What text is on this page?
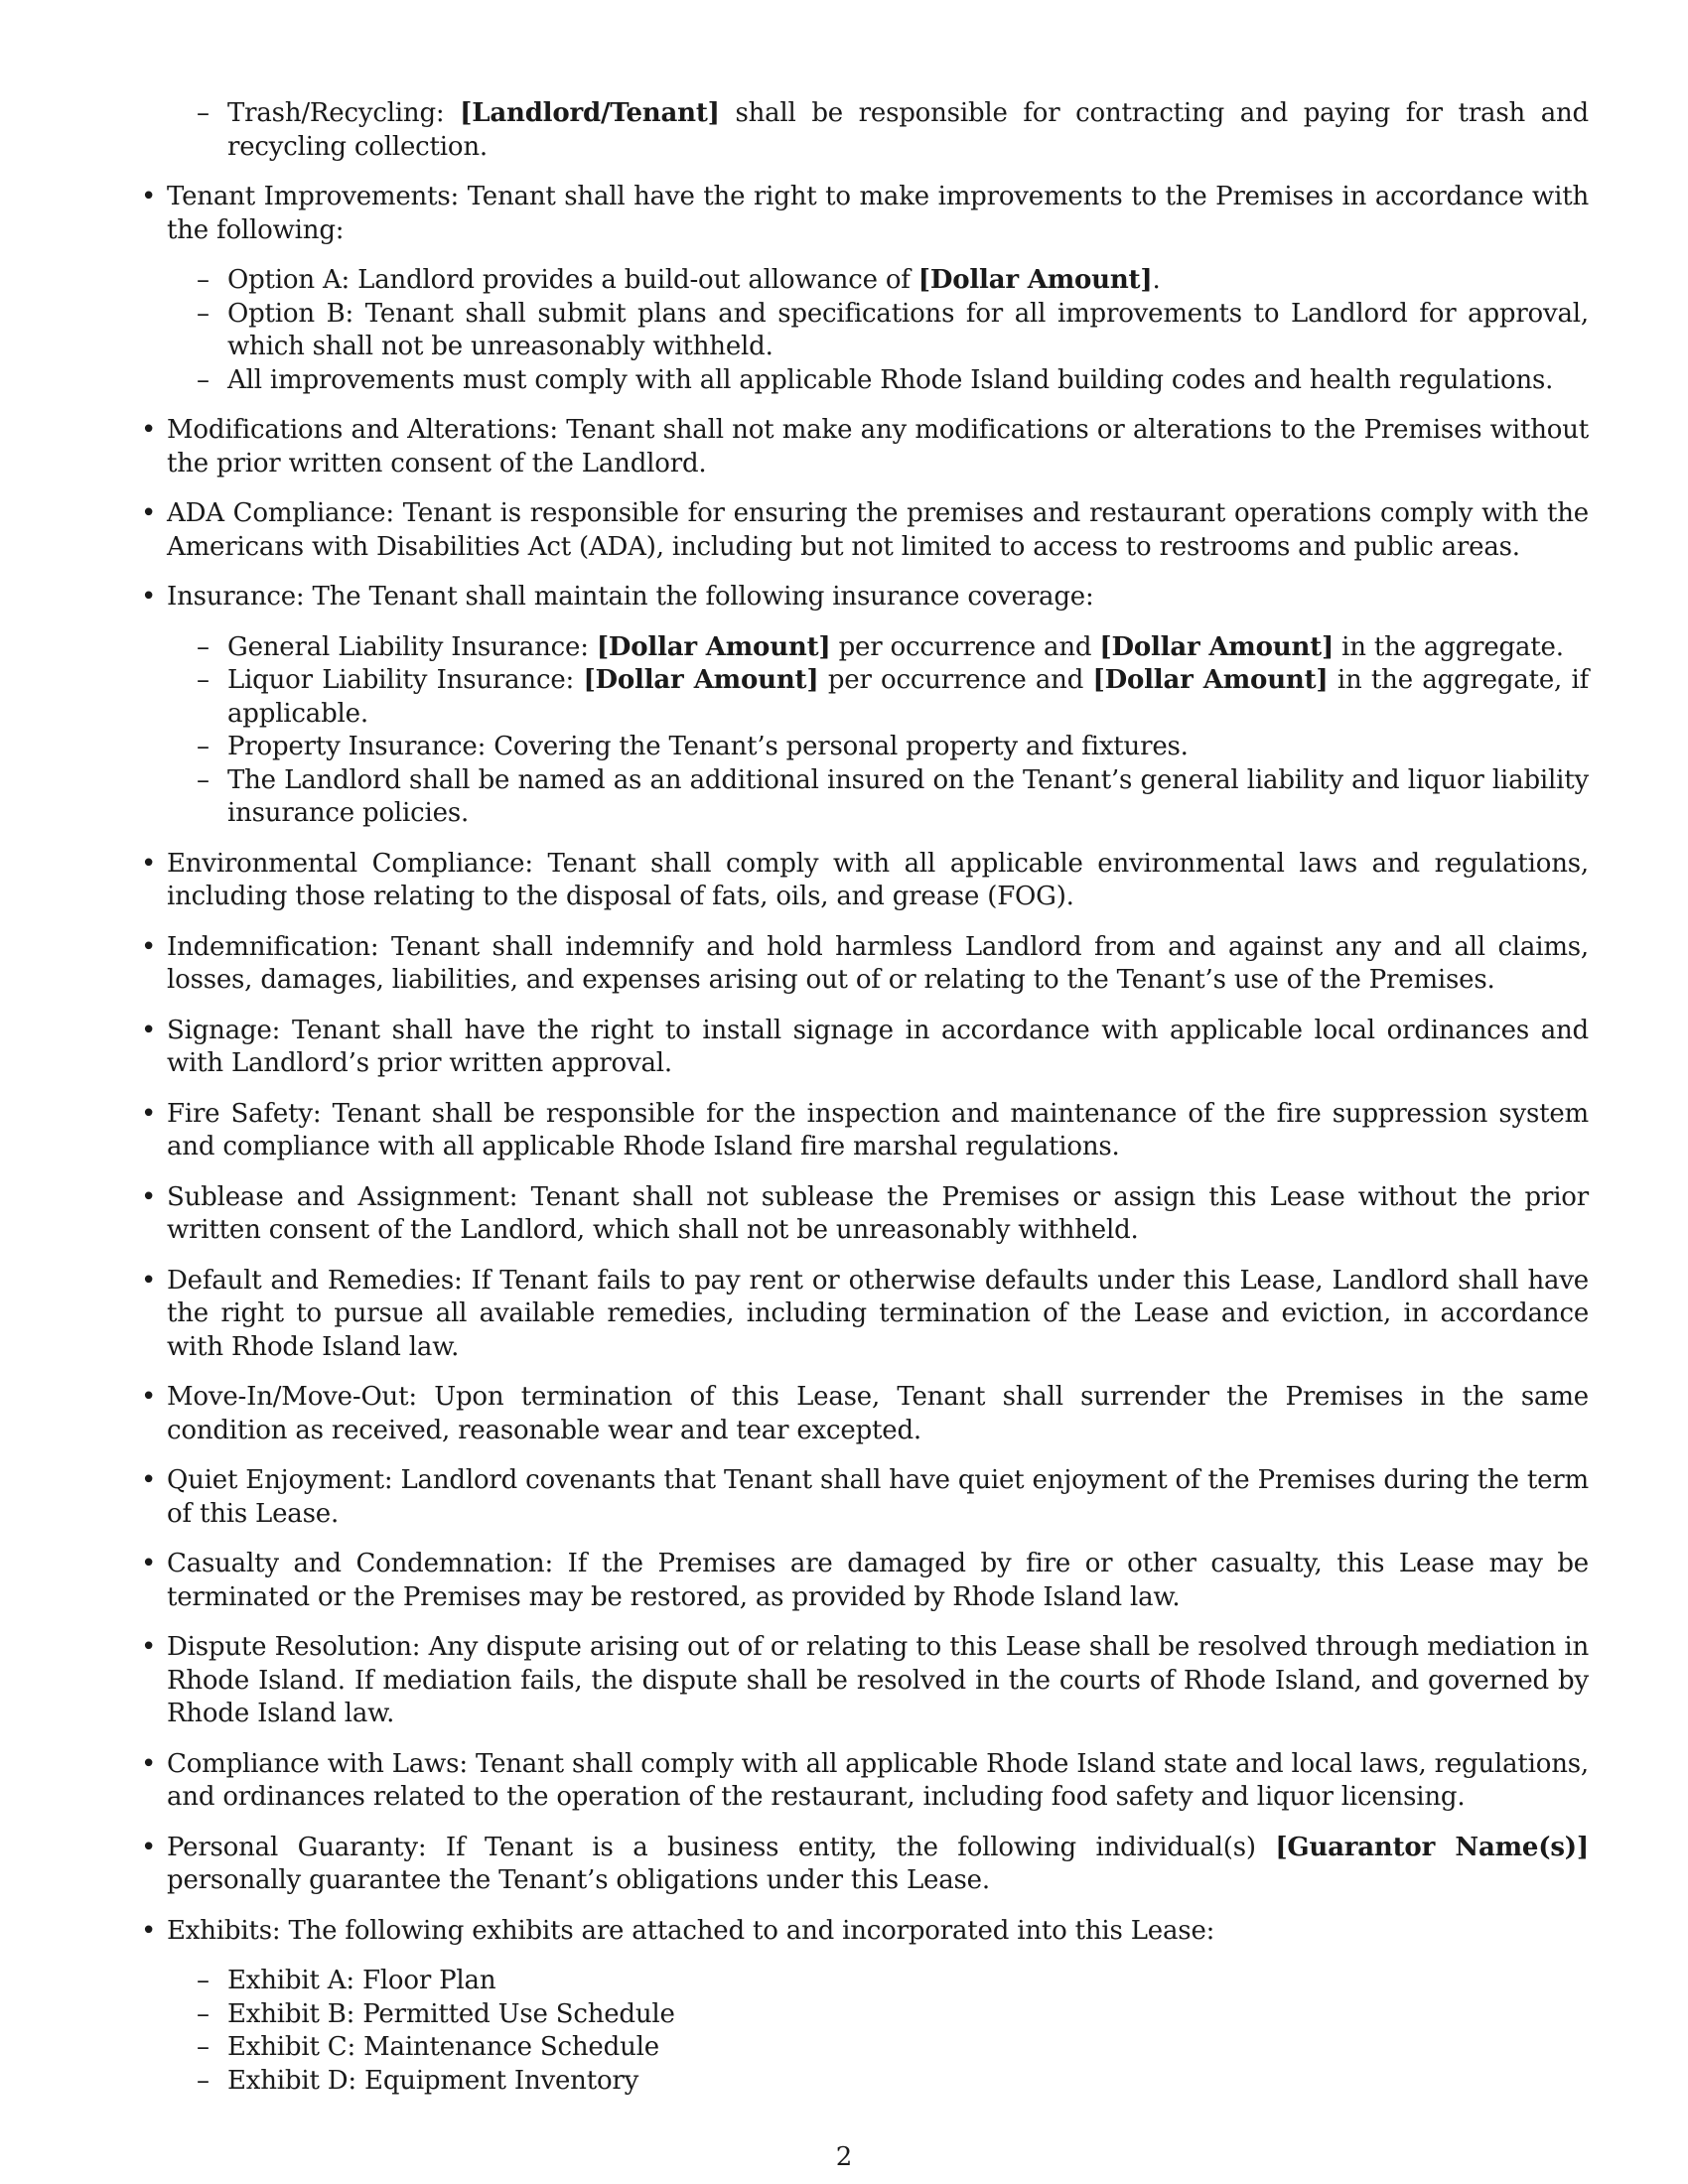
– Trash/Recycling: [Landlord/Tenant] shall be responsible for contracting and paying for trash and recycling collection.
• Tenant Improvements: Tenant shall have the right to make improvements to the Premises in accordance with the following:
– Option A: Landlord provides a build-out allowance of [Dollar Amount].
– Option B: Tenant shall submit plans and specifications for all improvements to Landlord for approval, which shall not be unreasonably withheld.
– All improvements must comply with all applicable Rhode Island building codes and health regulations.
• Modifications and Alterations: Tenant shall not make any modifications or alterations to the Premises without the prior written consent of the Landlord.
• ADA Compliance: Tenant is responsible for ensuring the premises and restaurant operations comply with the Americans with Disabilities Act (ADA), including but not limited to access to restrooms and public areas.
• Insurance: The Tenant shall maintain the following insurance coverage:
– General Liability Insurance: [Dollar Amount] per occurrence and [Dollar Amount] in the aggregate.
– Liquor Liability Insurance: [Dollar Amount] per occurrence and [Dollar Amount] in the aggregate, if applicable.
– Property Insurance: Covering the Tenant’s personal property and fixtures.
– The Landlord shall be named as an additional insured on the Tenant’s general liability and liquor liability insurance policies.
• Environmental Compliance: Tenant shall comply with all applicable environmental laws and regulations, including those relating to the disposal of fats, oils, and grease (FOG).
• Indemnification: Tenant shall indemnify and hold harmless Landlord from and against any and all claims, losses, damages, liabilities, and expenses arising out of or relating to the Tenant’s use of the Premises.
• Signage: Tenant shall have the right to install signage in accordance with applicable local ordinances and with Landlord’s prior written approval.
• Fire Safety: Tenant shall be responsible for the inspection and maintenance of the fire suppression system and compliance with all applicable Rhode Island fire marshal regulations.
• Sublease and Assignment: Tenant shall not sublease the Premises or assign this Lease without the prior written consent of the Landlord, which shall not be unreasonably withheld.
• Default and Remedies: If Tenant fails to pay rent or otherwise defaults under this Lease, Landlord shall have the right to pursue all available remedies, including termination of the Lease and eviction, in accordance with Rhode Island law.
• Move-In/Move-Out: Upon termination of this Lease, Tenant shall surrender the Premises in the same condition as received, reasonable wear and tear excepted.
• Quiet Enjoyment: Landlord covenants that Tenant shall have quiet enjoyment of the Premises during the term of this Lease.
• Casualty and Condemnation: If the Premises are damaged by fire or other casualty, this Lease may be terminated or the Premises may be restored, as provided by Rhode Island law.
• Dispute Resolution: Any dispute arising out of or relating to this Lease shall be resolved through mediation in Rhode Island. If mediation fails, the dispute shall be resolved in the courts of Rhode Island, and governed by Rhode Island law.
• Compliance with Laws: Tenant shall comply with all applicable Rhode Island state and local laws, regulations, and ordinances related to the operation of the restaurant, including food safety and liquor licensing.
• Personal Guaranty: If Tenant is a business entity, the following individual(s) [Guarantor Name(s)] personally guarantee the Tenant’s obligations under this Lease.
• Exhibits: The following exhibits are attached to and incorporated into this Lease:
– Exhibit A: Floor Plan
– Exhibit B: Permitted Use Schedule
– Exhibit C: Maintenance Schedule
– Exhibit D: Equipment Inventory
2
